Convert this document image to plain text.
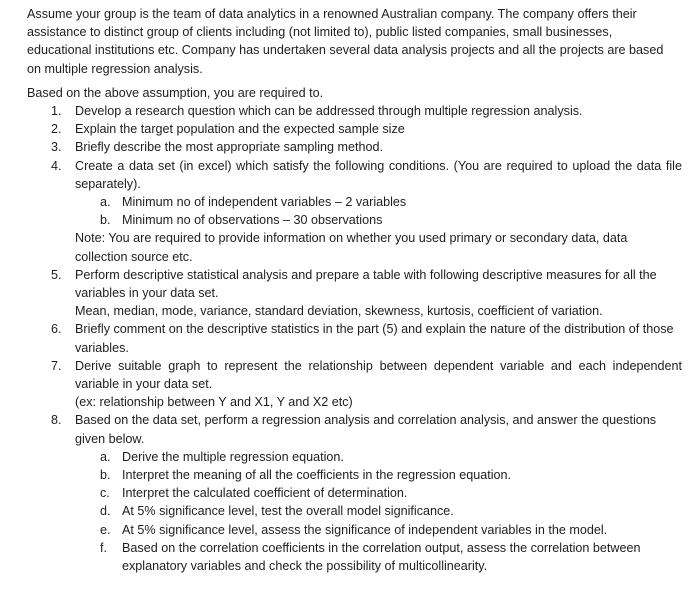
Assume your group is the team of data analytics in a renowned Australian company. The company offers their assistance to distinct group of clients including (not limited to), public listed companies, small businesses, educational institutions etc. Company has undertaken several data analysis projects and all the projects are based on multiple regression analysis.

Based on the above assumption, you are required to.

1. Develop a research question which can be addressed through multiple regression analysis.
2. Explain the target population and the expected sample size
3. Briefly describe the most appropriate sampling method.
4. Create a data set (in excel) which satisfy the following conditions. (You are required to upload the data file separately).

a. Minimum no of independent variables – 2 variables
b. Minimum no of observations – 30 observations

Note: You are required to provide information on whether you used primary or secondary data, data collection source etc.

5. Perform descriptive statistical analysis and prepare a table with following descriptive measures for all the variables in your data set.

Mean, median, mode, variance, standard deviation, skewness, kurtosis, coefficient of variation.

6. Briefly comment on the descriptive statistics in the part (5) and explain the nature of the distribution of those variables.

7. Derive suitable graph to represent the relationship between dependent variable and each independent variable in your data set.

(ex: relationship between Y and X1, Y and X2 etc)

8. Based on the data set, perform a regression analysis and correlation analysis, and answer the questions given below.

a. Derive the multiple regression equation.
b. Interpret the meaning of all the coefficients in the regression equation.
c. Interpret the calculated coefficient of determination.
d. At 5% significance level, test the overall model significance.
e. At 5% significance level, assess the significance of independent variables in the model.
f. Based on the correlation coefficients in the correlation output, assess the correlation between explanatory variables and check the possibility of multicollinearity.
